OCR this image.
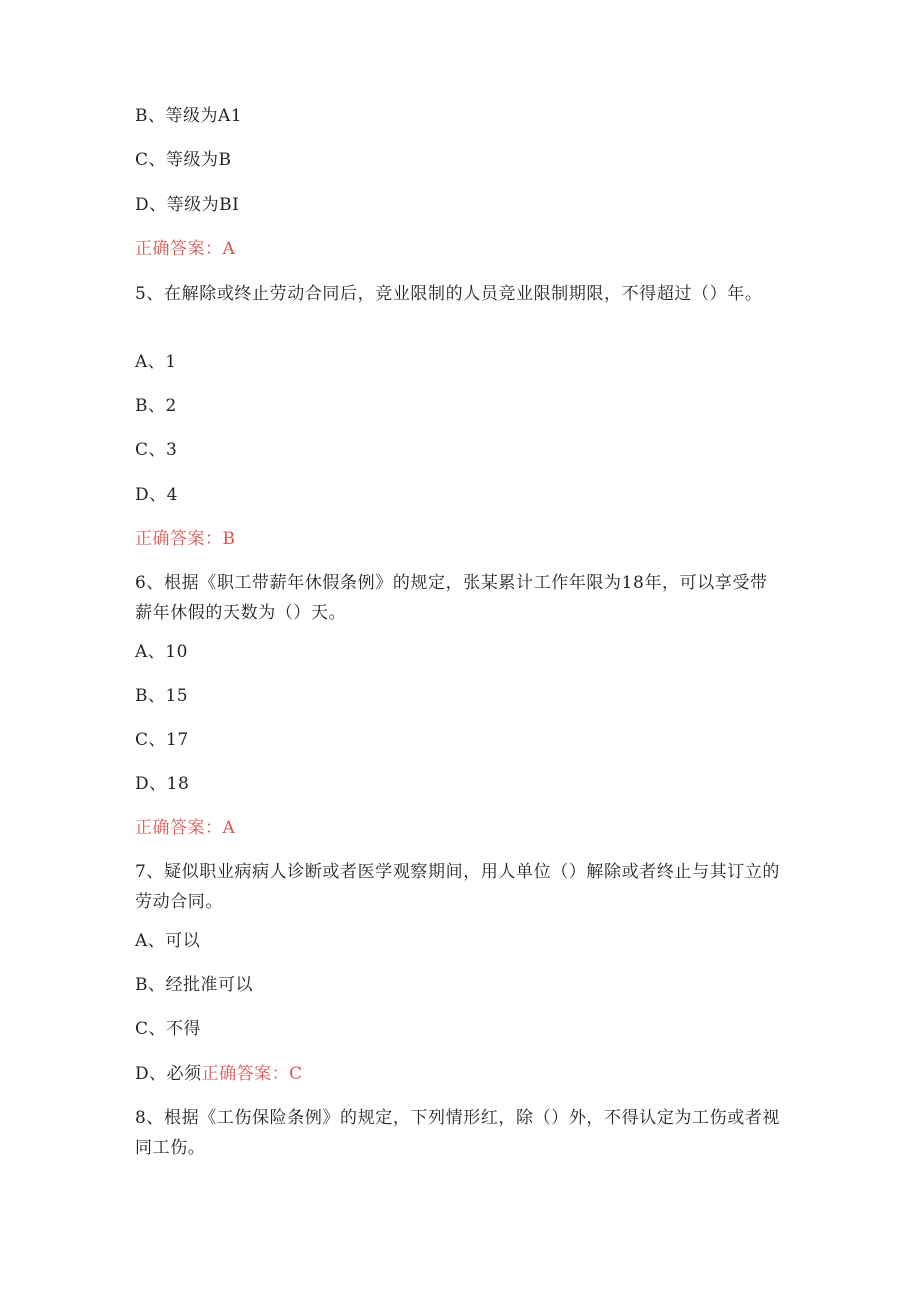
B、等级为A1
C、等级为B
D、等级为BI
正确答案：A
5、在解除或终止劳动合同后，竞业限制的人员竞业限制期限，不得超过（）年。
A、1
B、2
C、3
D、4
正确答案：B
6、根据《职工带薪年休假条例》的规定，张某累计工作年限为18年，可以享受带薪年休假的天数为（）天。
A、10
B、15
C、17
D、18
正确答案：A
7、疑似职业病病人诊断或者医学观察期间，用人单位（）解除或者终止与其订立的劳动合同。
A、可以
B、经批准可以
C、不得
D、必须正确答案：C
8、根据《工伤保险条例》的规定，下列情形红，除（）外，不得认定为工伤或者视同工伤。
